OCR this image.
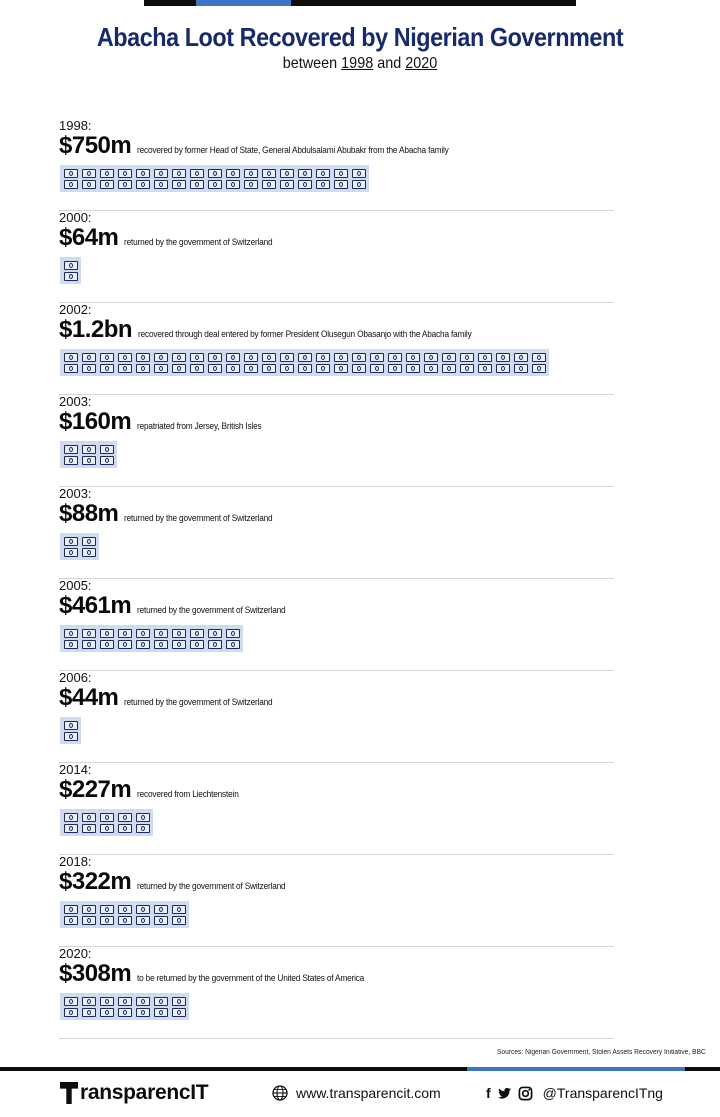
Abacha Loot Recovered by Nigerian Government
between 1998 and 2020
1998:
$750m recovered by former Head of State, General Abdulsalami Abubakr from the Abacha family
2000:
$64m returned by the government of Switzerland
2002:
$1.2bn recovered through deal entered by former President Olusegun Obasanjo with the Abacha family
2003:
$160m repatriated from Jersey, British Isles
2003:
$88m returned by the government of Switzerland
2005:
$461m returned by the government of Switzerland
2006:
$44m returned by the government of Switzerland
2014:
$227m recovered from Liechtenstein
2018:
$322m returned by the government of Switzerland
2020:
$308m to be returned by the government of the United States of America
Sources: Nigerian Government, Stolen Assets Recovery Initiative, BBC
ransparencIT	www.transparencit.com	f	@TransparencITng
